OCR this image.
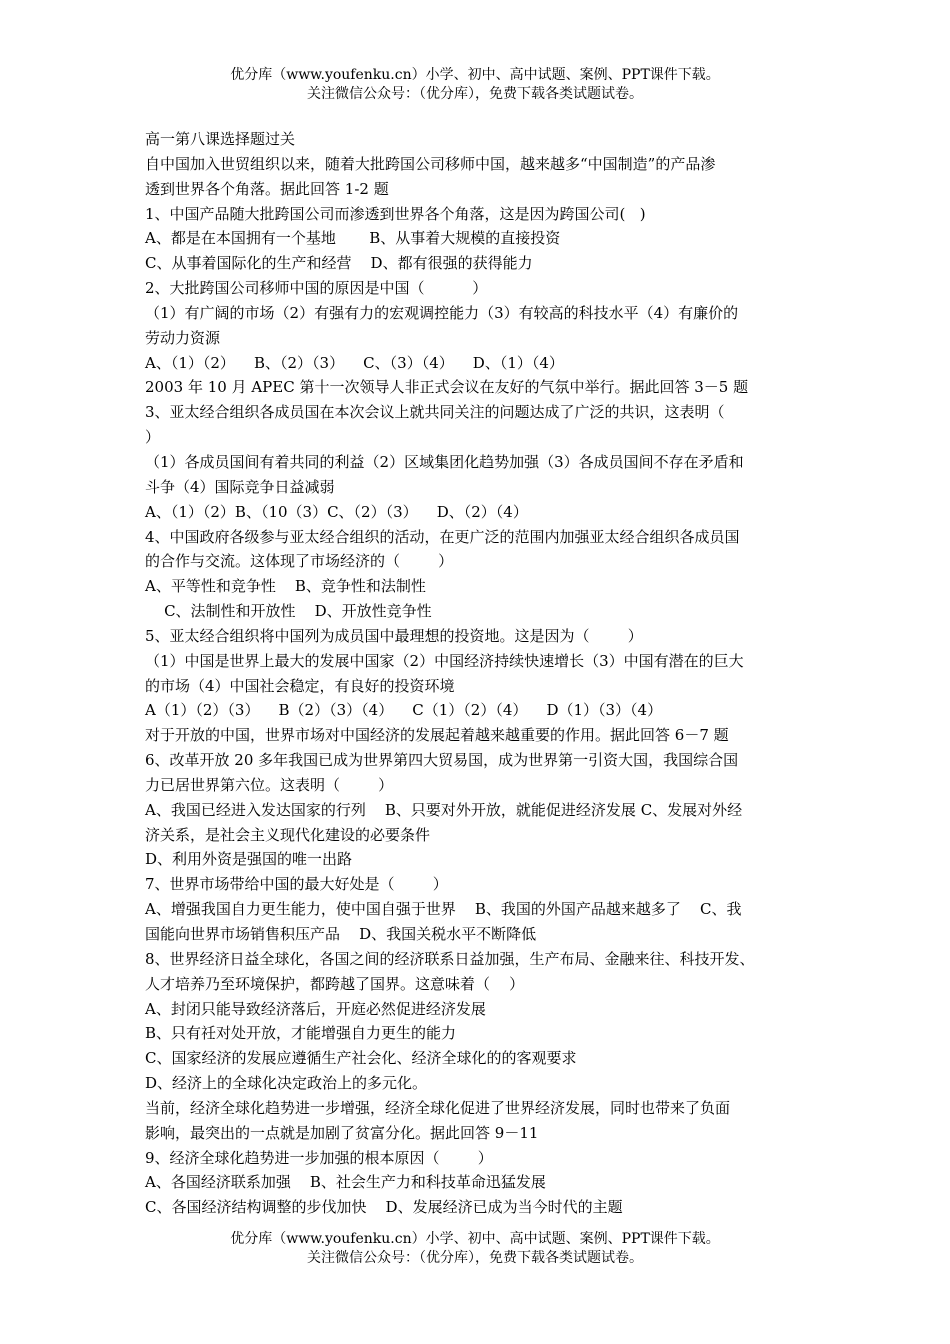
优分库（www.youfenku.cn）小学、初中、高中试题、案例、PPT课件下载。
关注微信公众号：（优分库），免费下载各类试题试卷。
高一第八课选择题过关
自中国加入世贸组织以来，随着大批跨国公司移师中国，越来越多“中国制造”的产品渗
透到世界各个角落。据此回答 1-2 题
1、中国产品随大批跨国公司而渗透到世界各个角落，这是因为跨国公司(   )
A、都是在本国拥有一个基地       B、从事着大规模的直接投资
C、从事着国际化的生产和经营    D、都有很强的获得能力
2、大批跨国公司移师中国的原因是中国（          ）
（1）有广阔的市场（2）有强有力的宏观调控能力（3）有较高的科技水平（4）有廉价的
劳动力资源
A、（1）（2）    B、（2）（3）    C、（3）（4）    D、（1）（4）
2003 年 10 月 APEC 第十一次领导人非正式会议在友好的气氛中举行。据此回答 3－5 题
3、亚太经合组织各成员国在本次会议上就共同关注的问题达成了广泛的共识，这表明（
）
（1）各成员国间有着共同的利益（2）区域集团化趋势加强（3）各成员国间不存在矛盾和
斗争（4）国际竞争日益减弱
A、（1）（2）B、（10（3）C、（2）（3）    D、（2）（4）
4、中国政府各级参与亚太经合组织的活动，在更广泛的范围内加强亚太经合组织各成员国
的合作与交流。这体现了市场经济的（        ）
A、平等性和竞争性    B、竞争性和法制性
C、法制性和开放性    D、开放性竞争性
5、亚太经合组织将中国列为成员国中最理想的投资地。这是因为（        ）
（1）中国是世界上最大的发展中国家（2）中国经济持续快速增长（3）中国有潜在的巨大
的市场（4）中国社会稳定，有良好的投资环境
A（1）（2）（3）    B（2）（3）（4）    C（1）（2）（4）    D（1）（3）（4）
对于开放的中国，世界市场对中国经济的发展起着越来越重要的作用。据此回答 6－7 题
6、改革开放 20 多年我国已成为世界第四大贸易国，成为世界第一引资大国，我国综合国
力已居世界第六位。这表明（        ）
A、我国已经进入发达国家的行列    B、只要对外开放，就能促进经济发展 C、发展对外经
济关系，是社会主义现代化建设的必要条件
D、利用外资是强国的唯一出路
7、世界市场带给中国的最大好处是（        ）
A、增强我国自力更生能力，使中国自强于世界    B、我国的外国产品越来越多了    C、我
国能向世界市场销售积压产品    D、我国关税水平不断降低
8、世界经济日益全球化，各国之间的经济联系日益加强，生产布局、金融来往、科技开发、
人才培养乃至环境保护，都跨越了国界。这意味着（    ）
A、封闭只能导致经济落后，开庭必然促进经济发展
B、只有祍对处开放，才能增强自力更生的能力
C、国家经济的发展应遵循生产社会化、经济全球化的的客观要求
D、经济上的全球化决定政治上的多元化。
当前，经济全球化趋势进一步增强，经济全球化促进了世界经济发展，同时也带来了负面
影响，最突出的一点就是加剧了贫富分化。据此回答 9－11
9、经济全球化趋势进一步加强的根本原因（        ）
A、各国经济联系加强    B、社会生产力和科技革命迅猛发展
C、各国经济结构调整的步伐加快    D、发展经济已成为当今时代的主题
优分库（www.youfenku.cn）小学、初中、高中试题、案例、PPT课件下载。
关注微信公众号：（优分库），免费下载各类试题试卷。
